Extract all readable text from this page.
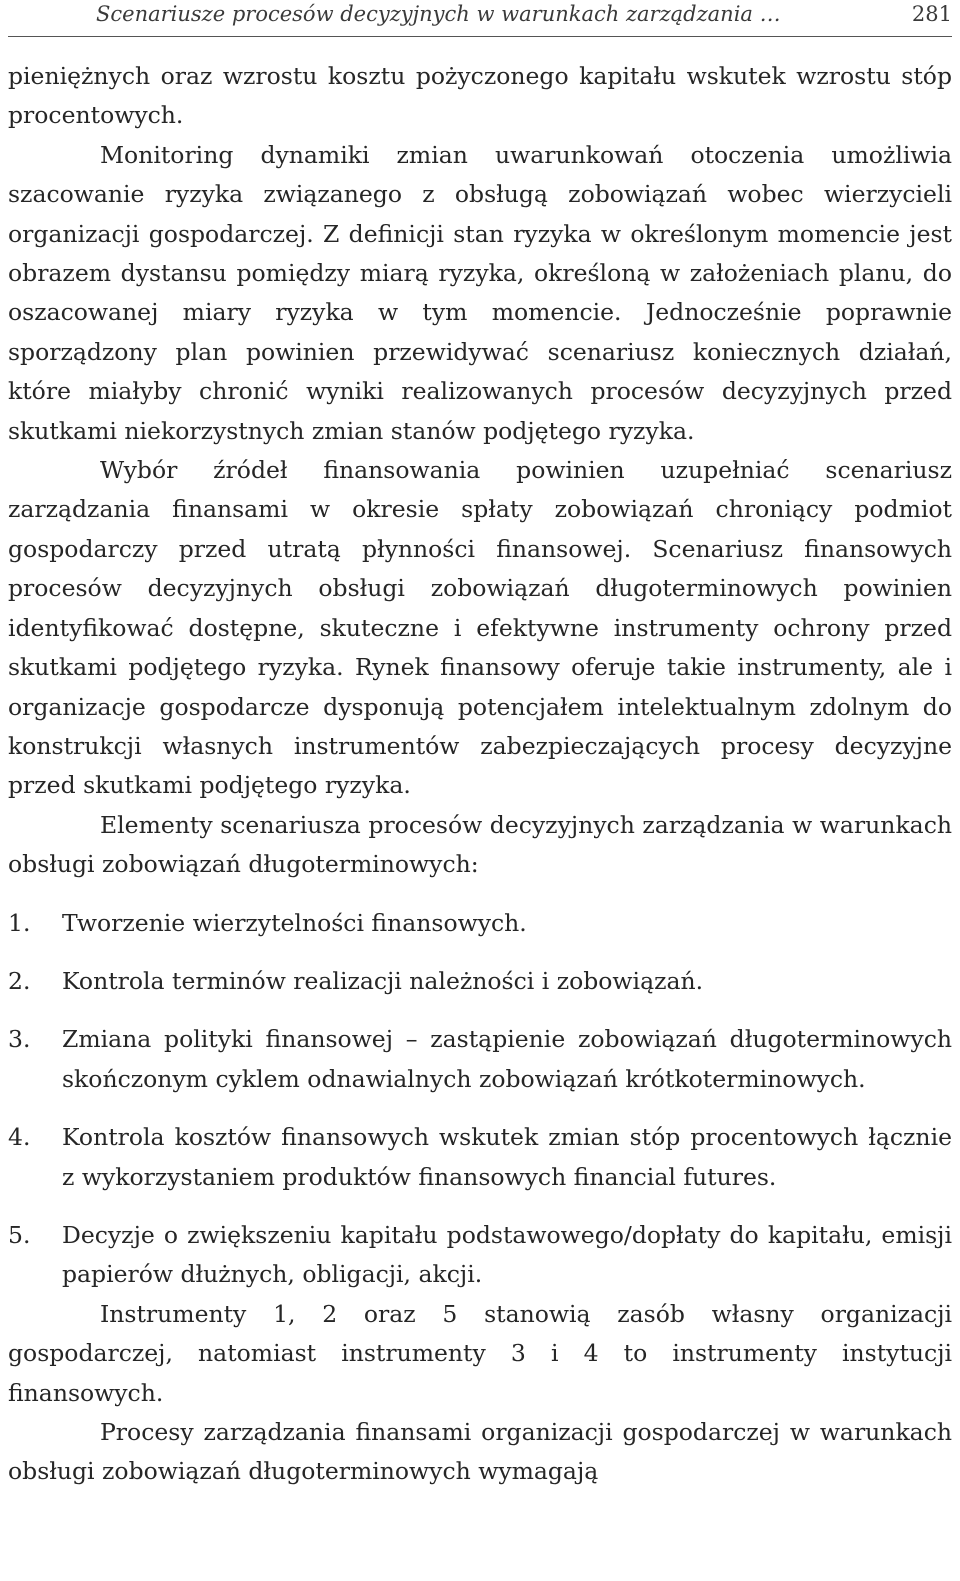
Scenariusze procesów decyzyjnych w warunkach zarządzania …	281

pieniężnych oraz wzrostu kosztu pożyczonego kapitału wskutek wzrostu stóp procentowych.

Monitoring dynamiki zmian uwarunkowań otoczenia umożliwia szacowanie ryzyka związanego z obsługą zobowiązań wobec wierzycieli organizacji gospodarczej. Z definicji stan ryzyka w określonym momencie jest obrazem dystansu pomiędzy miarą ryzyka, określoną w założeniach planu, do oszacowanej miary ryzyka w tym momencie. Jednocześnie poprawnie sporządzony plan powinien przewidywać scenariusz koniecznych działań, które miałyby chronić wyniki realizowanych procesów decyzyjnych przed skutkami niekorzystnych zmian stanów podjętego ryzyka.

Wybór źródeł finansowania powinien uzupełniać scenariusz zarządzania finansami w okresie spłaty zobowiązań chroniący podmiot gospodarczy przed utratą płynności finansowej. Scenariusz finansowych procesów decyzyjnych obsługi zobowiązań długoterminowych powinien identyfikować dostępne, skuteczne i efektywne instrumenty ochrony przed skutkami podjętego ryzyka. Rynek finansowy oferuje takie instrumenty, ale i organizacje gospodarcze dysponują potencjałem intelektualnym zdolnym do konstrukcji własnych instrumentów zabezpieczających procesy decyzyjne przed skutkami podjętego ryzyka.

Elementy scenariusza procesów decyzyjnych zarządzania w warunkach obsługi zobowiązań długoterminowych:

1.	Tworzenie wierzytelności finansowych.
2.	Kontrola terminów realizacji należności i zobowiązań.
3.	Zmiana polityki finansowej – zastąpienie zobowiązań długoterminowych skończonym cyklem odnawialnych zobowiązań krótkoterminowych.
4.	Kontrola kosztów finansowych wskutek zmian stóp procentowych łącznie z wykorzystaniem produktów finansowych financial futures.
5.	Decyzje o zwiększeniu kapitału podstawowego/dopłaty do kapitału, emisji papierów dłużnych, obligacji, akcji.

Instrumenty 1, 2 oraz 5 stanowią zasób własny organizacji gospodarczej, natomiast instrumenty 3 i 4 to instrumenty instytucji finansowych.

Procesy zarządzania finansami organizacji gospodarczej w warunkach obsługi zobowiązań długoterminowych wymagają
